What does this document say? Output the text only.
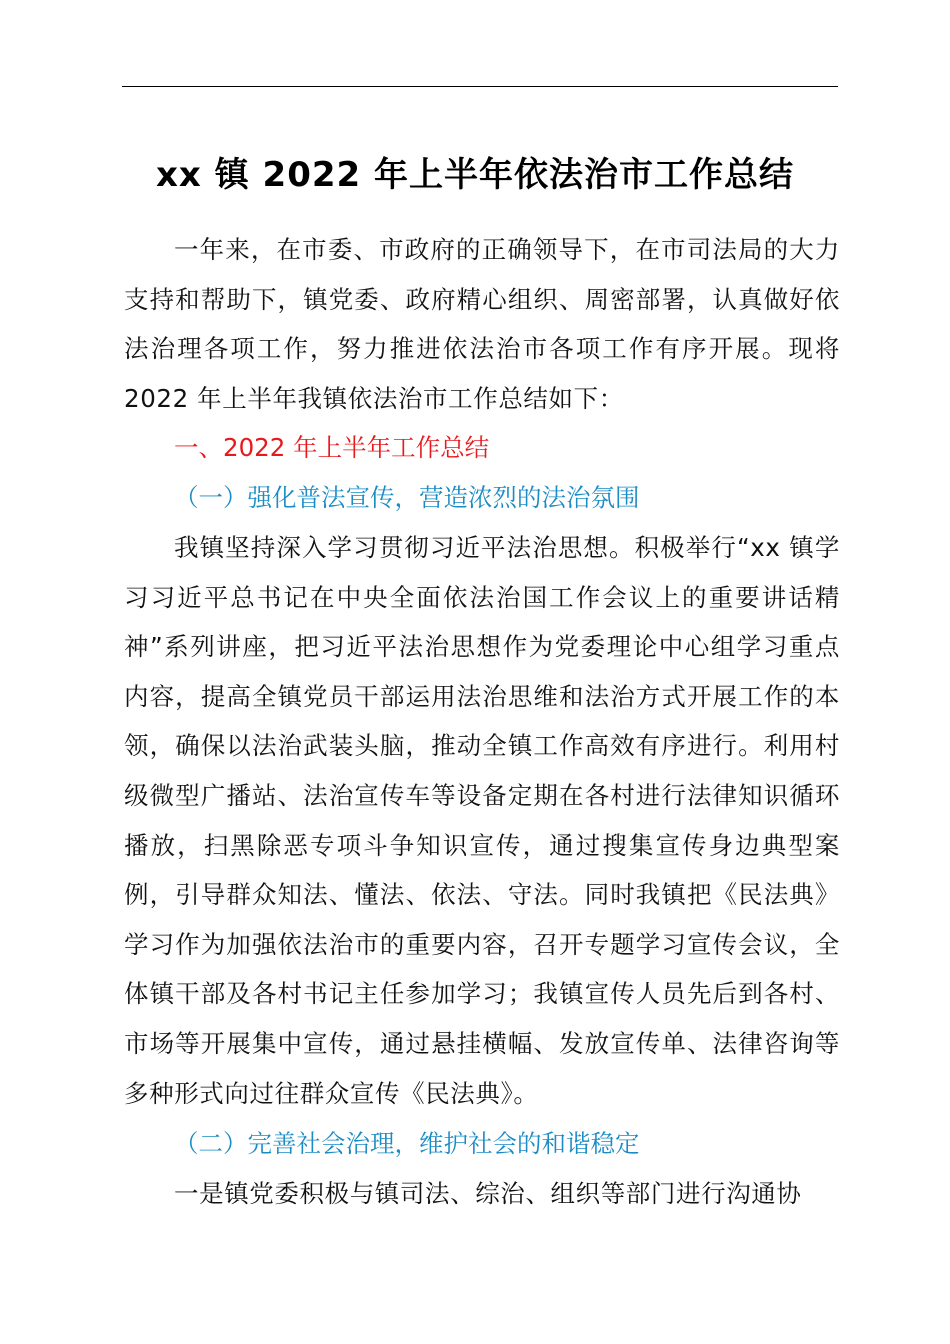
xx 镇 2022 年上半年依法治市工作总结

一年来，在市委、市政府的正确领导下，在市司法局的大力支持和帮助下，镇党委、政府精心组织、周密部署，认真做好依法治理各项工作，努力推进依法治市各项工作有序开展。现将 2022 年上半年我镇依法治市工作总结如下：

一、2022 年上半年工作总结

（一）强化普法宣传，营造浓烈的法治氛围

我镇坚持深入学习贯彻习近平法治思想。积极举行“xx 镇学习习近平总书记在中央全面依法治国工作会议上的重要讲话精神”系列讲座，把习近平法治思想作为党委理论中心组学习重点内容，提高全镇党员干部运用法治思维和法治方式开展工作的本领，确保以法治武装头脑，推动全镇工作高效有序进行。利用村级微型广播站、法治宣传车等设备定期在各村进行法律知识循环播放，扫黑除恶专项斗争知识宣传，通过搜集宣传身边典型案例，引导群众知法、懂法、依法、守法。同时我镇把《民法典》学习作为加强依法治市的重要内容，召开专题学习宣传会议，全体镇干部及各村书记主任参加学习；我镇宣传人员先后到各村、市场等开展集中宣传，通过悬挂横幅、发放宣传单、法律咨询等多种形式向过往群众宣传《民法典》。

（二）完善社会治理，维护社会的和谐稳定

一是镇党委积极与镇司法、综治、组织等部门进行沟通协
